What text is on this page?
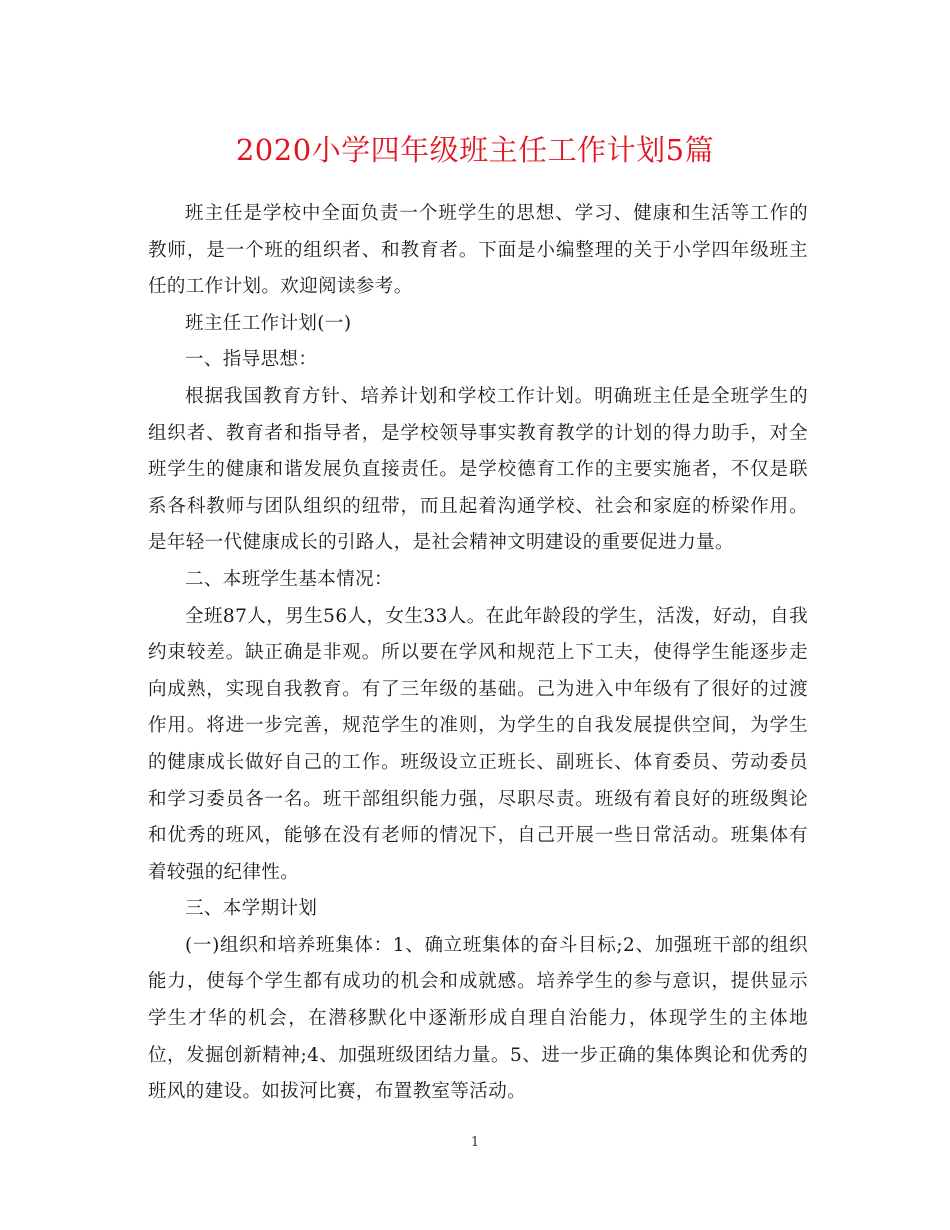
2020小学四年级班主任工作计划5篇

班主任是学校中全面负责一个班学生的思想、学习、健康和生活等工作的教师，是一个班的组织者、和教育者。下面是小编整理的关于小学四年级班主任的工作计划。欢迎阅读参考。

班主任工作计划(一)

一、指导思想：

根据我国教育方针、培养计划和学校工作计划。明确班主任是全班学生的组织者、教育者和指导者，是学校领导事实教育教学的计划的得力助手，对全班学生的健康和谐发展负直接责任。是学校德育工作的主要实施者，不仅是联系各科教师与团队组织的纽带，而且起着沟通学校、社会和家庭的桥梁作用。是年轻一代健康成长的引路人，是社会精神文明建设的重要促进力量。

二、本班学生基本情况：

全班87人，男生56人，女生33人。在此年龄段的学生，活泼，好动，自我约束较差。缺正确是非观。所以要在学风和规范上下工夫，使得学生能逐步走向成熟，实现自我教育。有了三年级的基础。己为进入中年级有了很好的过渡作用。将进一步完善，规范学生的准则，为学生的自我发展提供空间，为学生的健康成长做好自己的工作。班级设立正班长、副班长、体育委员、劳动委员和学习委员各一名。班干部组织能力强，尽职尽责。班级有着良好的班级舆论和优秀的班风，能够在没有老师的情况下，自己开展一些日常活动。班集体有着较强的纪律性。

三、本学期计划

(一)组织和培养班集体：1、确立班集体的奋斗目标;2、加强班干部的组织能力，使每个学生都有成功的机会和成就感。培养学生的参与意识，提供显示学生才华的机会，在潜移默化中逐渐形成自理自治能力，体现学生的主体地位，发掘创新精神;4、加强班级团结力量。5、进一步正确的集体舆论和优秀的班风的建设。如拔河比赛，布置教室等活动。

1
